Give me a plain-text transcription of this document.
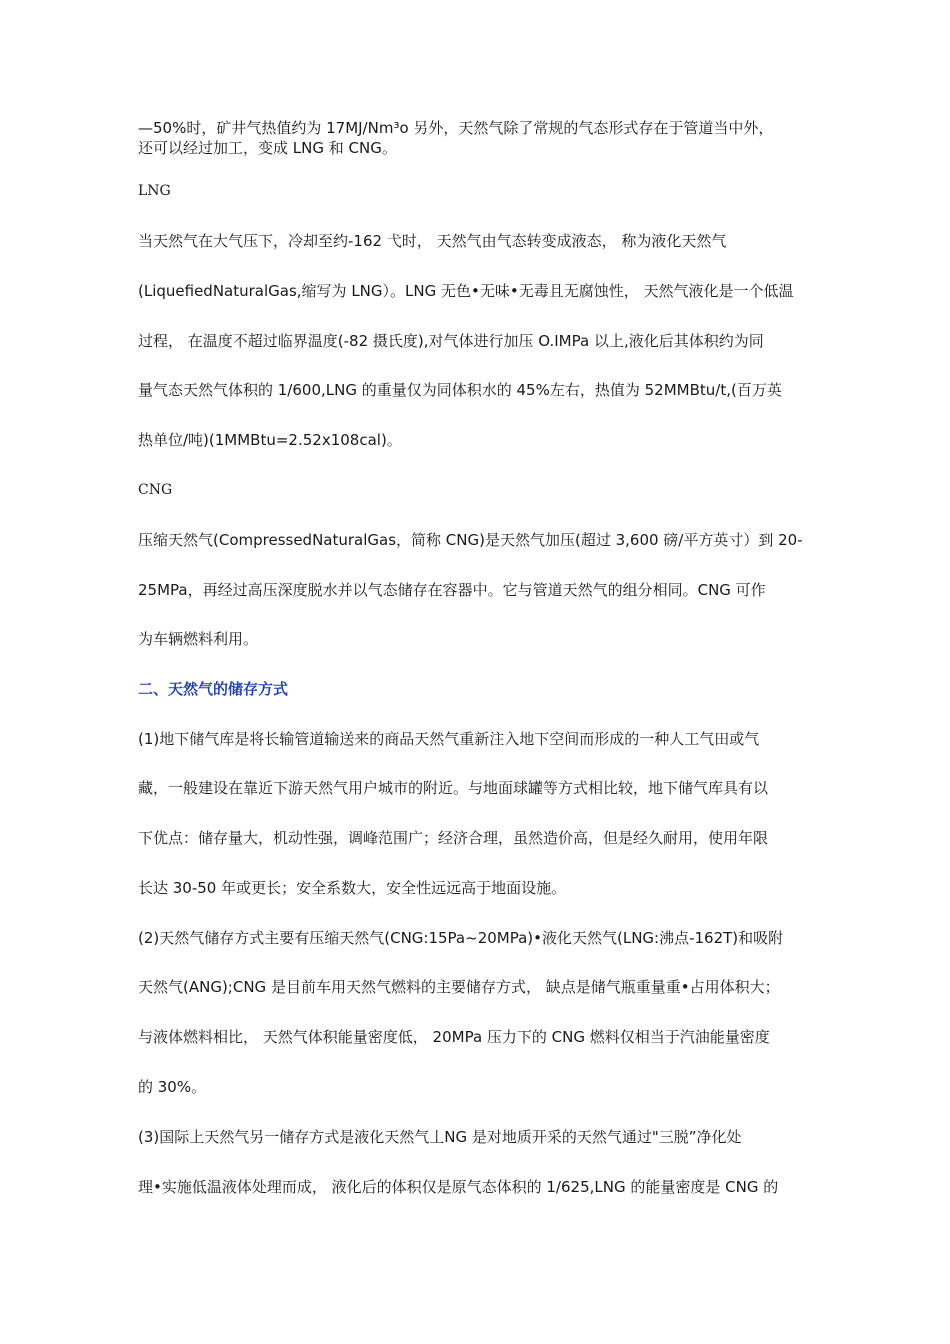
—50%时，矿井气热值约为 17MJ/Nm³o 另外，天然气除了常规的气态形式存在于管道当中外，
还可以经过加工，变成 LNG 和 CNG。
LNG
当天然气在大气压下，冷却至约-162 弋时， 天然气由气态转变成液态， 称为液化天然气
(LiquefiedNaturalGas,缩写为 LNG）。LNG 无色•无味•无毒且无腐蚀性， 天然气液化是一个低温
过程， 在温度不超过临界温度(-82 摄氏度),对气体进行加压 O.IMPa 以上,液化后其体积约为同
量气态天然气体积的 1/600,LNG 的重量仅为同体积水的 45%左右，热值为 52MMBtu/t,(百万英
热单位/吨)(1MMBtu=2.52x108cal)。
CNG
压缩天然气(CompressedNaturalGas，简称 CNG)是天然气加压(超过 3,600 磅/平方英寸）到 20-
25MPa，再经过高压深度脱水并以气态储存在容器中。它与管道天然气的组分相同。CNG 可作
为车辆燃料利用。
二、天然气的储存方式
(1)地下储气库是将长输管道输送来的商品天然气重新注入地下空间而形成的一种人工气田或气
藏，一般建设在靠近下游天然气用户城市的附近。与地面球罐等方式相比较，地下储气库具有以
下优点：储存量大，机动性强，调峰范围广；经济合理，虽然造价高，但是经久耐用，使用年限
长达 30-50 年或更长；安全系数大，安全性远远高于地面设施。
(2)天然气储存方式主要有压缩天然气(CNG:15Pa~20MPa)•液化天然气(LNG:沸点-162T)和吸附
天然气(ANG);CNG 是目前车用天然气燃料的主要储存方式， 缺点是储气瓶重量重•占用体积大；
与液体燃料相比， 天然气体积能量密度低， 20MPa 压力下的 CNG 燃料仅相当于汽油能量密度
的 30%。
(3)国际上天然气另一储存方式是液化天然气丄NG 是对地质开采的天然气通过"三脱”净化处
理•实施低温液体处理而成， 液化后的体积仅是原气态体积的 1/625,LNG 的能量密度是 CNG 的
